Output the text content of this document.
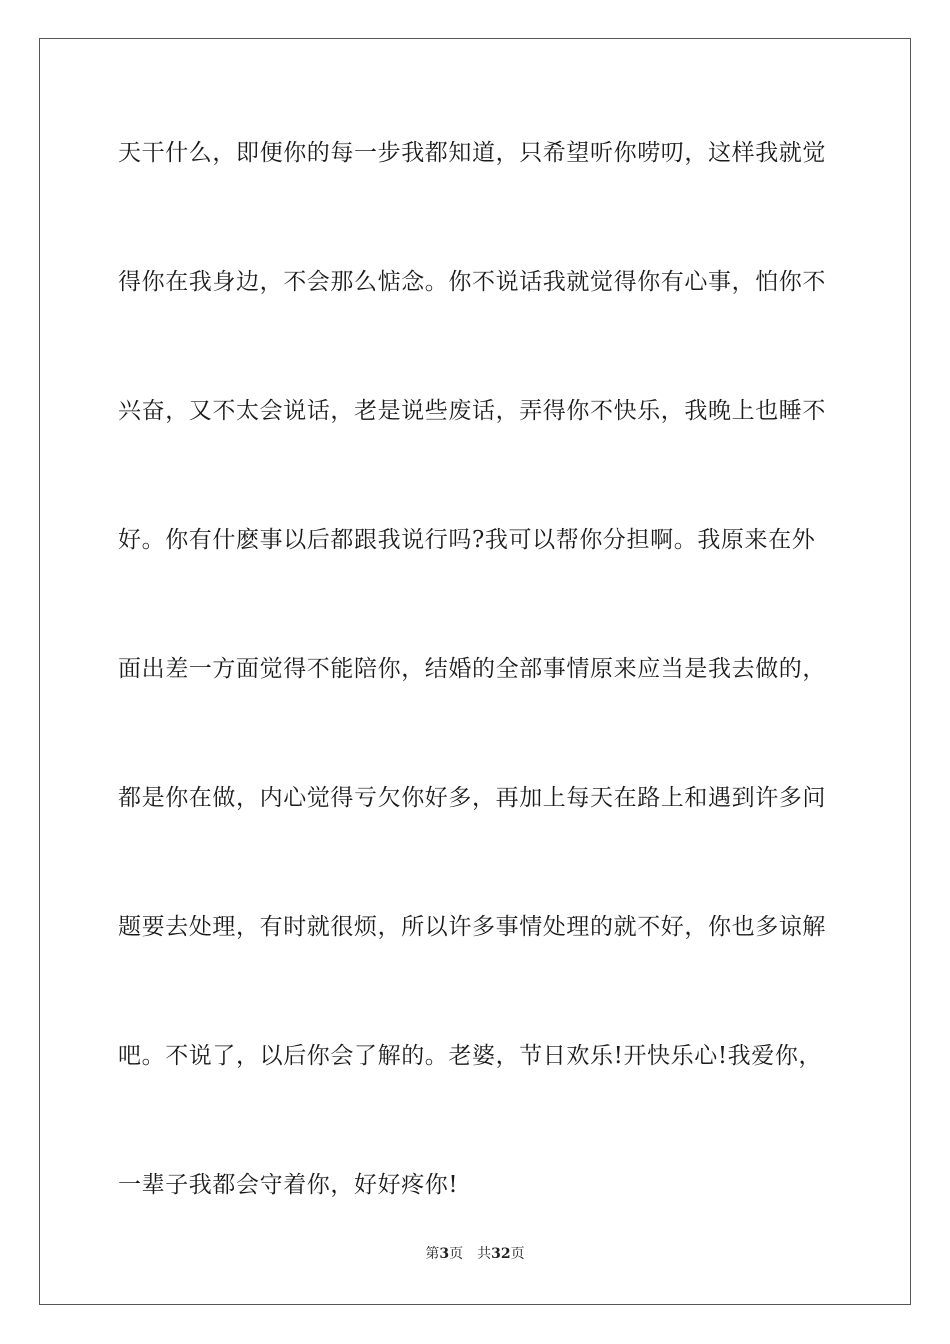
天干什么，即便你的每一步我都知道，只希望听你唠叨，这样我就觉
得你在我身边，不会那么惦念。你不说话我就觉得你有心事，怕你不
兴奋，又不太会说话，老是说些废话，弄得你不快乐，我晚上也睡不
好。你有什麽事以后都跟我说行吗?我可以帮你分担啊。我原来在外
面出差一方面觉得不能陪你，结婚的全部事情原来应当是我去做的，
都是你在做，内心觉得亏欠你好多，再加上每天在路上和遇到许多问
题要去处理，有时就很烦，所以许多事情处理的就不好，你也多谅解
吧。不说了，以后你会了解的。老婆，节日欢乐!开快乐心!我爱你，
一辈子我都会守着你，好好疼你!
第3页 共32页
